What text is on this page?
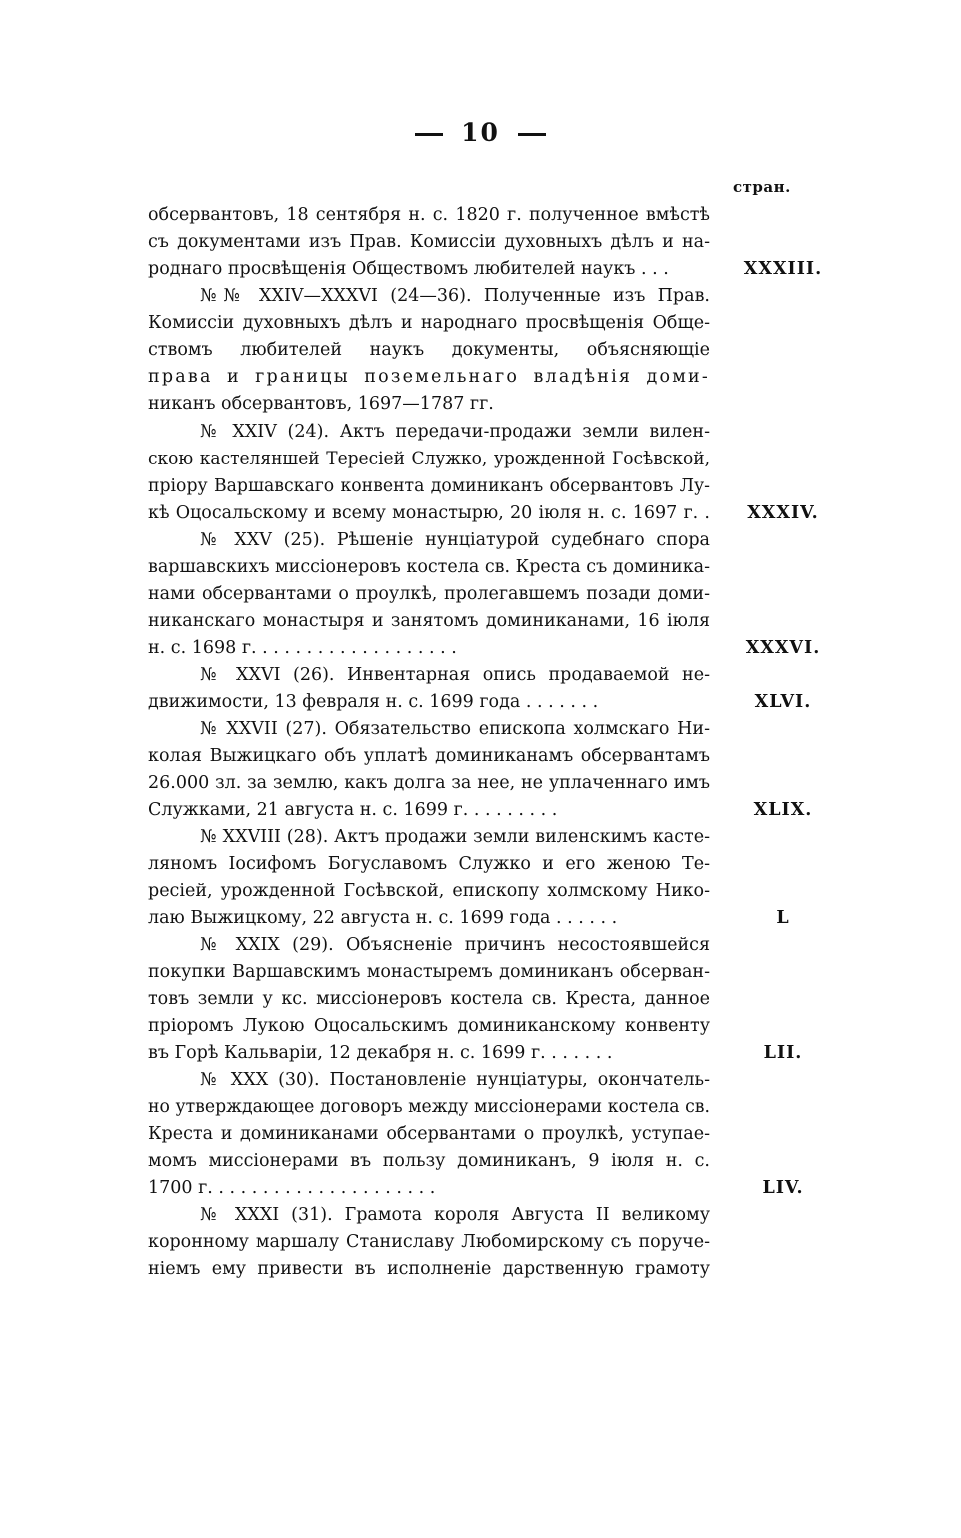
10
стран.
обсервантовъ, 18 сентября н. с. 1820 г. полученное вмѣстѣ
съ документами изъ Прав. Комиссіи духовныхъ дѣлъ и на-
роднаго просвѣщенія Обществомъ любителей наукъ . . .	XXXIII.
№№ XXIV—XXXVI (24—36). Полученные изъ Прав.
Комиссіи духовныхъ дѣлъ и народнаго просвѣщенія Обще-
ствомъ любителей наукъ документы, объясняющіе
права и границы поземельнаго владѣнія доми-
никанъ обсервантовъ, 1697—1787 гг.
№ XXIV (24). Актъ передачи-продажи земли вилен-
скою кастеляншей Тересіей Служко, урожденной Госѣвской,
пріору Варшавскаго конвента доминиканъ обсервантовъ Лу-
кѣ Оцосальскому и всему монастырю, 20 іюля н. с. 1697 г. .	XXXIV.
№ XXV (25). Рѣшеніе нунціатурой судебнаго спора
варшавскихъ миссіонеровъ костела св. Креста съ доминика-
нами обсервантами о проулкѣ, пролегавшемъ позади доми-
никанскаго монастыря и занятомъ доминиканами, 16 іюля
н. с. 1698 г. . . . . . . . . . . . . . . . . . .	XXXVI.
№ XXVI (26). Инвентарная опись продаваемой не-
движимости, 13 февраля н. с. 1699 года . . . . . . .	XLVI.
№ XXVII (27). Обязательство епископа холмскаго Ни-
колая Выжицкаго объ уплатѣ доминиканамъ обсервантамъ
26.000 зл. за землю, какъ долга за нее, не уплаченнаго имъ
Служками, 21 августа н. с. 1699 г. . . . . . . . .	XLIX.
№ XXVIII (28). Актъ продажи земли виленскимъ касте-
ляномъ Іосифомъ Богуславомъ Служко и его женою Те-
ресіей, урожденной Госѣвской, епископу холмскому Нико-
лаю Выжицкому, 22 августа н. с. 1699 года . . . . . .	L
№ XXIX (29). Объясненіе причинъ несостоявшейся
покупки Варшавскимъ монастыремъ доминиканъ обсерван-
товъ земли у кс. миссіонеровъ костела св. Креста, данное
пріоромъ Лукою Оцосальскимъ доминиканскому конвенту
въ Горѣ Кальваріи, 12 декабря н. с. 1699 г. . . . . . .	LII.
№ XXX (30). Постановленіе нунціатуры, окончатель-
но утверждающее договоръ между миссіонерами костела св.
Креста и доминиканами обсервантами о проулкѣ, уступае-
момъ миссіонерами въ пользу доминиканъ, 9 іюля н. с.
1700 г. . . . . . . . . . . . . . . . . . . . .	LIV.
№ XXXI (31). Грамота короля Августа II великому
коронному маршалу Станиславу Любомирскому съ поруче-
ніемъ ему привести въ исполненіе дарственную грамоту
